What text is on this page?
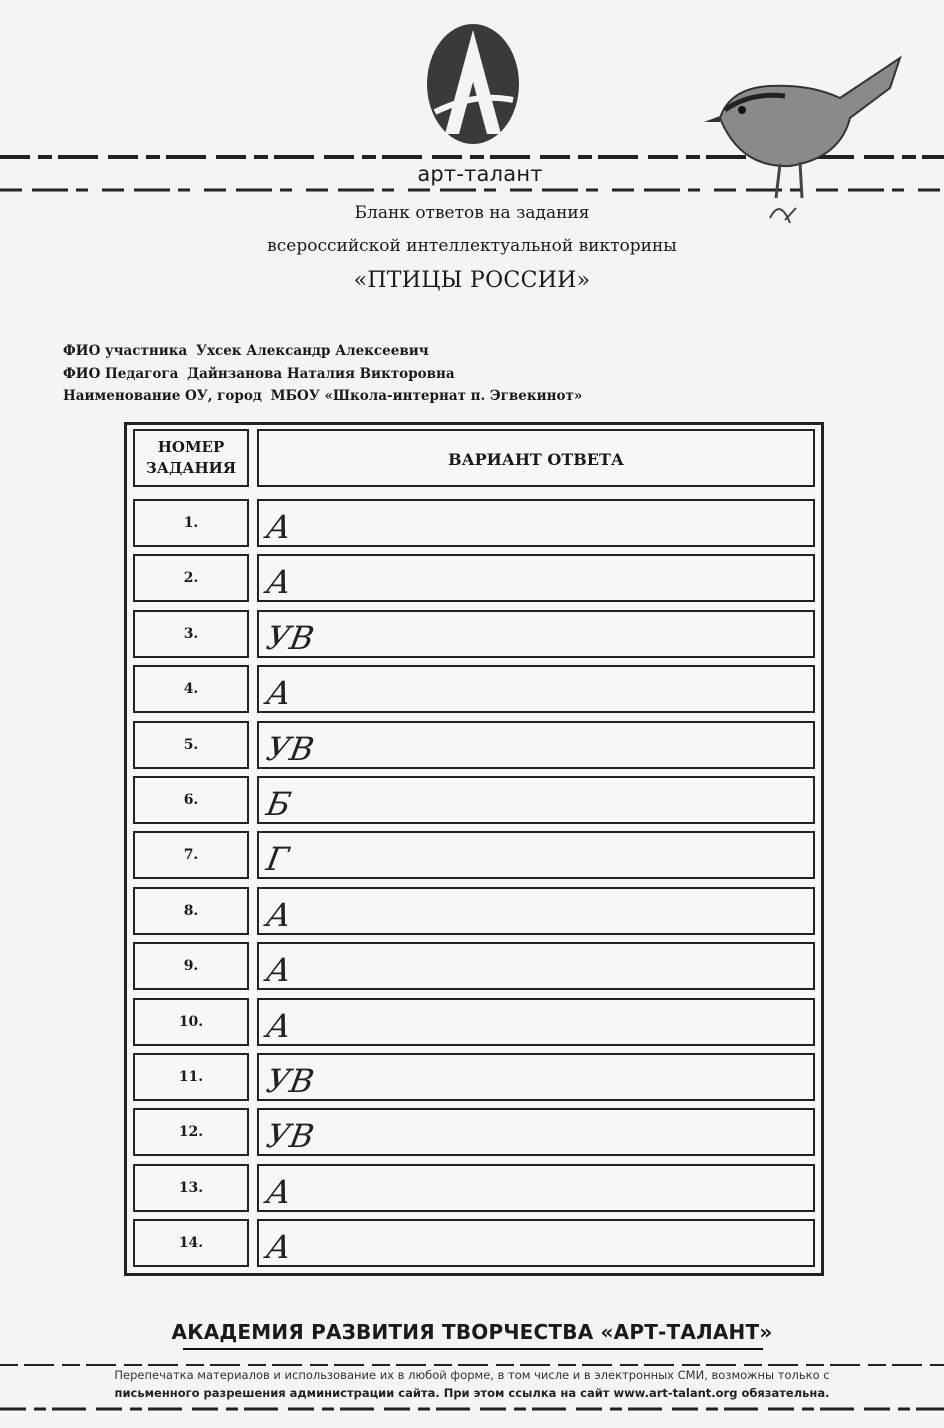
арт-талант
Бланк ответов на задания
всероссийской интеллектуальной викторины
«ПТИЦЫ РОССИИ»
ФИО участника Ухсек Александр Алексеевич
ФИО Педагога Дайнзанова Наталия Викторовна
Наименование ОУ, город МБОУ «Школа-интернат п. Эгвекинот»
НОМЕР
ЗАДАНИЯ	ВАРИАНТ ОТВЕТА
1.	А
2.	А
3.	УВ
4.	А
5.	УВ
6.	Б
7.	Г
8.	А
9.	А
10.	А
11.	УВ
12.	УВ
13.	А
14.	А
АКАДЕМИЯ РАЗВИТИЯ ТВОРЧЕСТВА «АРТ-ТАЛАНТ»
Перепечатка материалов и использование их в любой форме, в том числе и в электронных СМИ, возможны только с
письменного разрешения администрации сайта. При этом ссылка на сайт www.art-talant.org обязательна.
